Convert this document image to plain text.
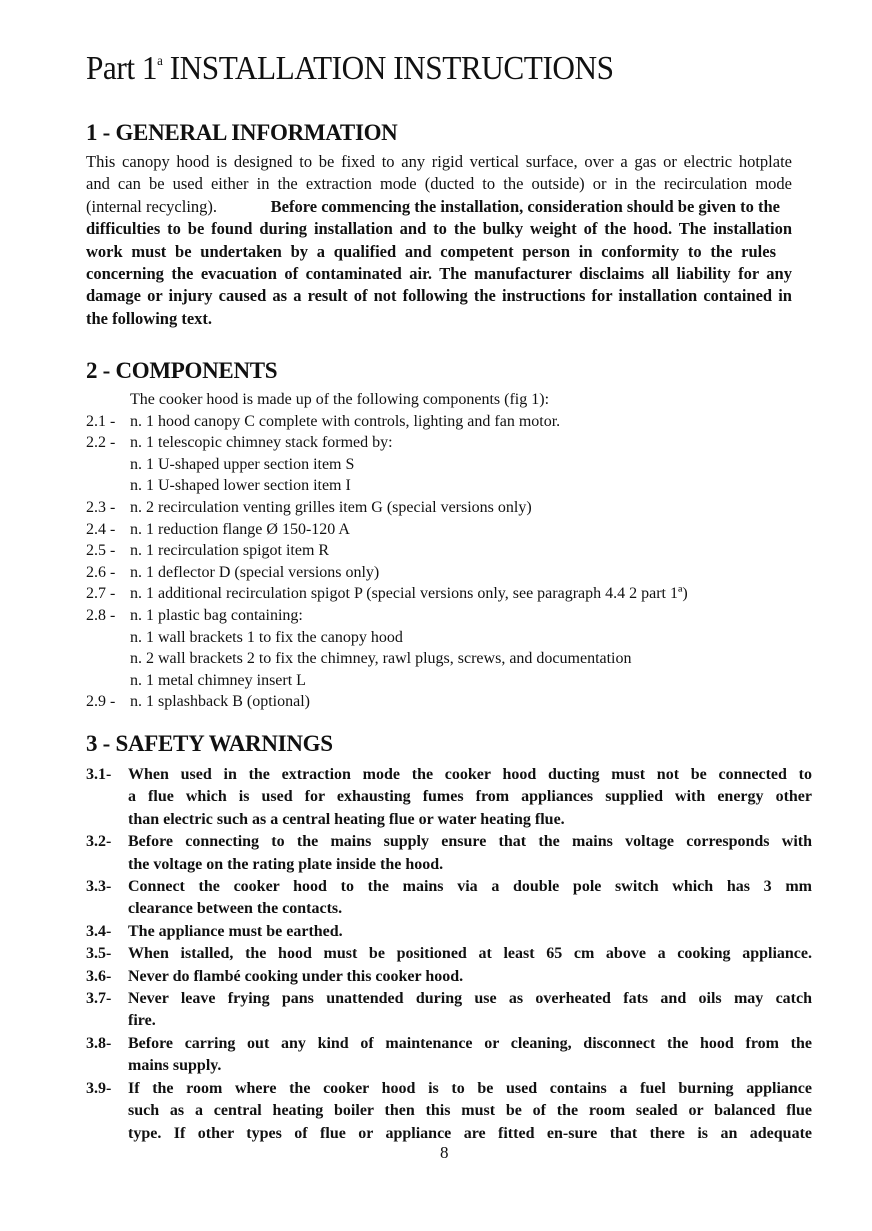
Part 1$^a$ INSTALLATION INSTRUCTIONS
1 - GENERAL INFORMATION
This canopy hood is designed to be fixed to any rigid vertical surface, over a gas or electric hotplate
and can be used either in the extraction mode (ducted to the outside) or in the recirculation mode
(internal recycling).	Before commencing the installation, consideration should be given to the
difficulties to be found during installation and to the bulky weight of the hood. The installation
work must be undertaken by a qualified and competent person in conformity to the rules
concerning the evacuation of contaminated air. The manufacturer disclaims all liability for any
damage or injury caused as a result of not following the instructions for installation contained in
the following text.
2 - COMPONENTS
The cooker hood is made up of the following components (fig 1):
2.1 - n. 1 hood canopy C complete with controls, lighting and fan motor.
2.2 - n. 1 telescopic chimney stack formed by:
n. 1 U-shaped upper section item S
n. 1 U-shaped lower section item I
2.3 - n. 2 recirculation venting grilles item G (special versions only)
2.4 - n. 1 reduction flange Ø 150-120 A
2.5 - n. 1 recirculation spigot item R
2.6 - n. 1 deflector D (special versions only)
2.7 - n. 1 additional recirculation spigot P (special versions only, see paragraph 4.4 2 part 1ª)
2.8 - n. 1 plastic bag containing:
n. 1 wall brackets 1 to fix the canopy hood
n. 2 wall brackets 2 to fix the chimney, rawl plugs, screws, and documentation
n. 1 metal chimney insert L
2.9 - n. 1 splashback B (optional)
3 - SAFETY WARNINGS
3.1-	When used in the extraction mode the cooker hood ducting must not be connected to
a flue which is used for exhausting fumes from appliances supplied with energy other
than electric such as a central heating flue or water heating flue.
3.2-	Before connecting to the mains supply ensure that the mains voltage corresponds with
the voltage on the rating plate inside the hood.
3.3-	Connect the cooker hood to the mains via a double pole switch which has 3 mm
clearance between the contacts.
3.4-	The appliance must be earthed.
3.5-	When istalled, the hood must be positioned at least 65 cm above a cooking appliance.
3.6-	Never do flambé cooking under this cooker hood.
3.7-	Never leave frying pans unattended during use as overheated fats and oils may catch
fire.
3.8-	Before carring out any kind of maintenance or cleaning, disconnect the hood from the
mains supply.
3.9-	If the room where the cooker hood is to be used contains a fuel burning appliance
such as a central heating boiler then this must be of the room sealed or balanced flue
type. If other types of flue or appliance are fitted en-sure that there is an adequate
8
